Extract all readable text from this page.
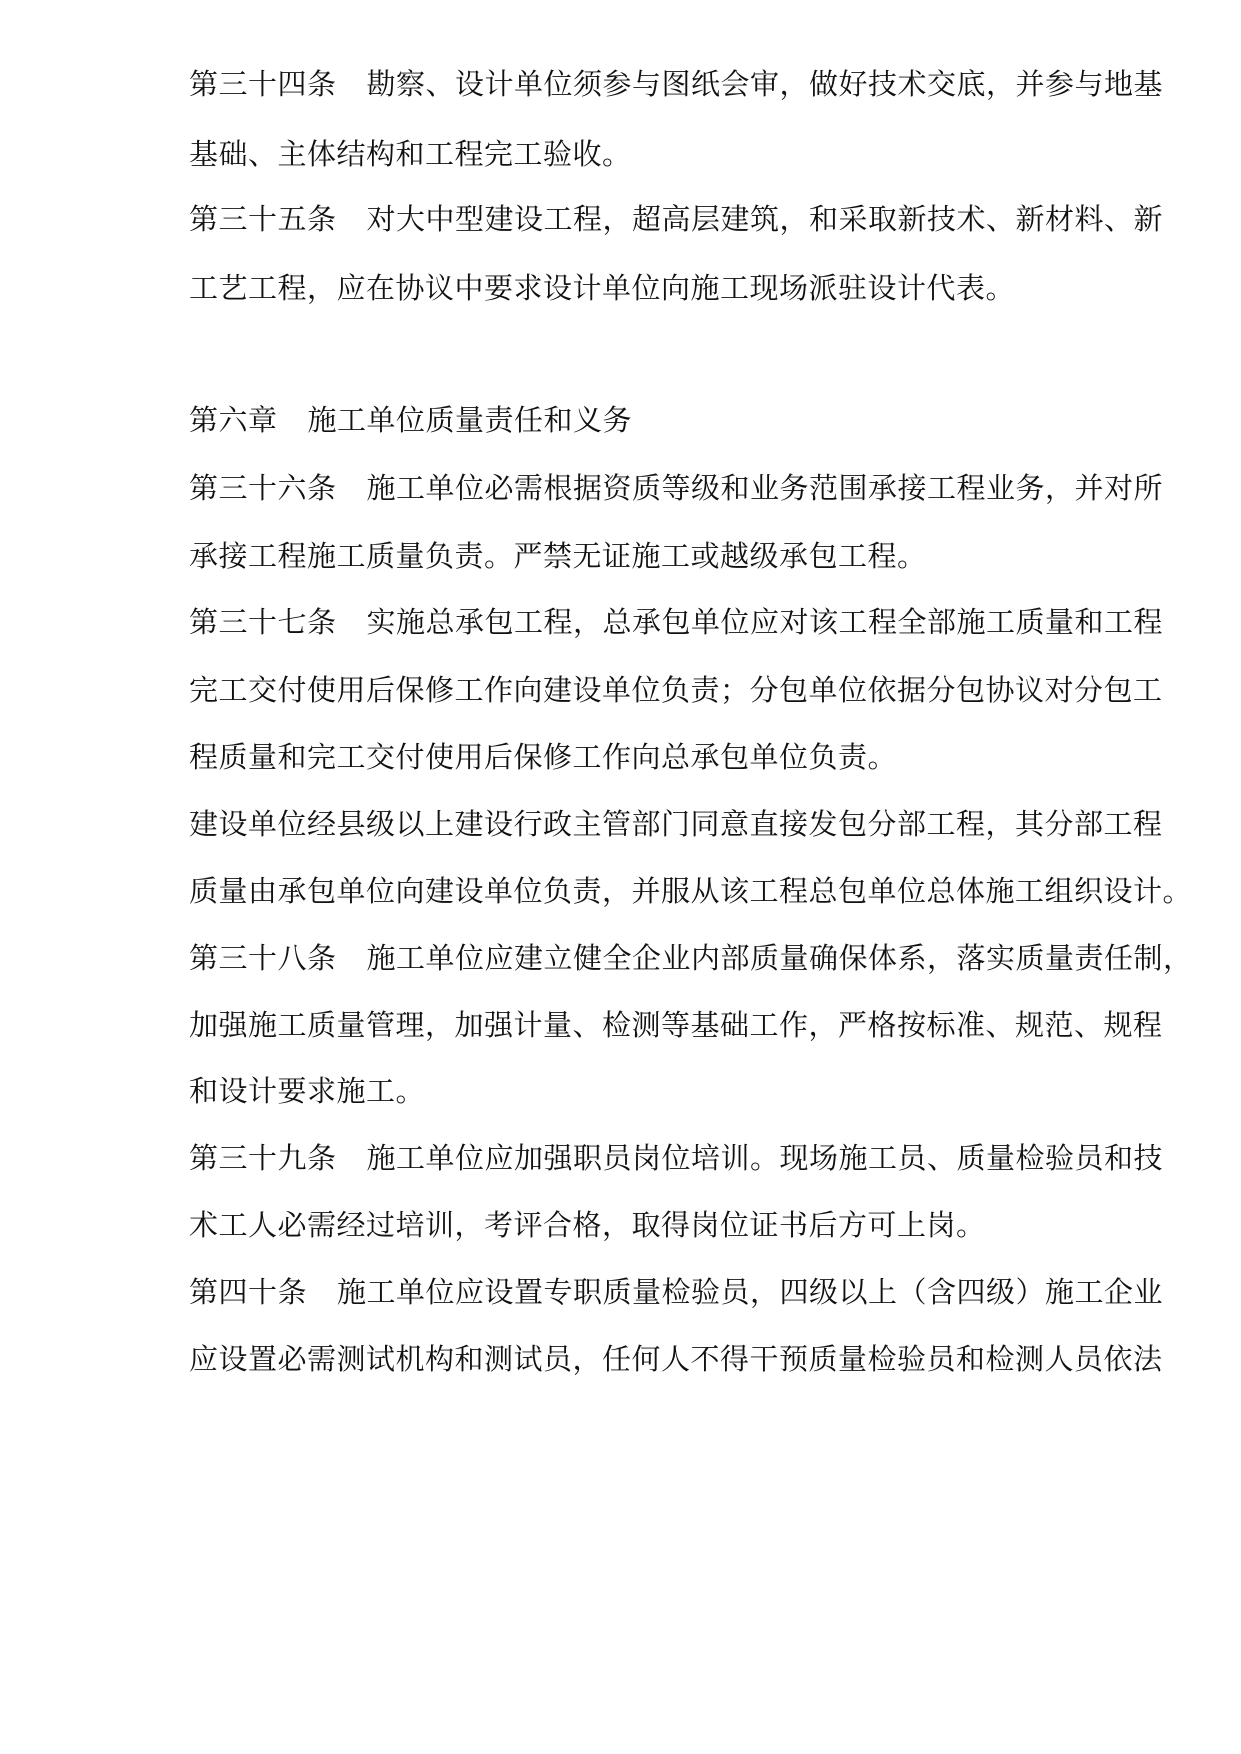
第三十四条 勘察、设计单位须参与图纸会审，做好技术交底，并参与地基
基础、主体结构和工程完工验收。
第三十五条 对大中型建设工程，超高层建筑，和采取新技术、新材料、新
工艺工程，应在协议中要求设计单位向施工现场派驻设计代表。
第六章 施工单位质量责任和义务
第三十六条 施工单位必需根据资质等级和业务范围承接工程业务，并对所
承接工程施工质量负责。严禁无证施工或越级承包工程。
第三十七条 实施总承包工程，总承包单位应对该工程全部施工质量和工程
完工交付使用后保修工作向建设单位负责；分包单位依据分包协议对分包工
程质量和完工交付使用后保修工作向总承包单位负责。
建设单位经县级以上建设行政主管部门同意直接发包分部工程，其分部工程
质量由承包单位向建设单位负责，并服从该工程总包单位总体施工组织设计。
第三十八条 施工单位应建立健全企业内部质量确保体系，落实质量责任制，
加强施工质量管理，加强计量、检测等基础工作，严格按标准、规范、规程
和设计要求施工。
第三十九条 施工单位应加强职员岗位培训。现场施工员、质量检验员和技
术工人必需经过培训，考评合格，取得岗位证书后方可上岗。
第四十条 施工单位应设置专职质量检验员，四级以上（含四级）施工企业
应设置必需测试机构和测试员，任何人不得干预质量检验员和检测人员依法
